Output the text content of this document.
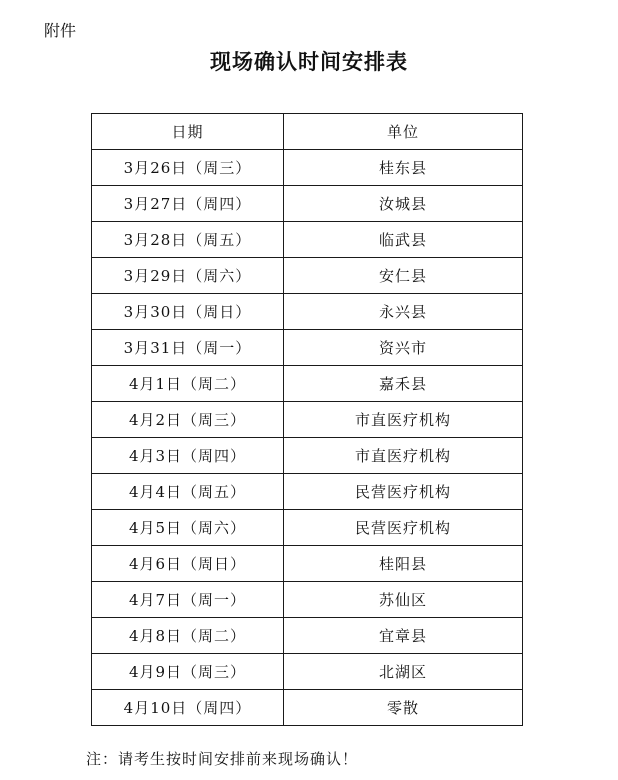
附件
现场确认时间安排表
日期	单位
3月26日（周三）	桂东县
3月27日（周四）	汝城县
3月28日（周五）	临武县
3月29日（周六）	安仁县
3月30日（周日）	永兴县
3月31日（周一）	资兴市
4月1日（周二）	嘉禾县
4月2日（周三）	市直医疗机构
4月3日（周四）	市直医疗机构
4月4日（周五）	民营医疗机构
4月5日（周六）	民营医疗机构
4月6日（周日）	桂阳县
4月7日（周一）	苏仙区
4月8日（周二）	宜章县
4月9日（周三）	北湖区
4月10日（周四）	零散
注：请考生按时间安排前来现场确认！
